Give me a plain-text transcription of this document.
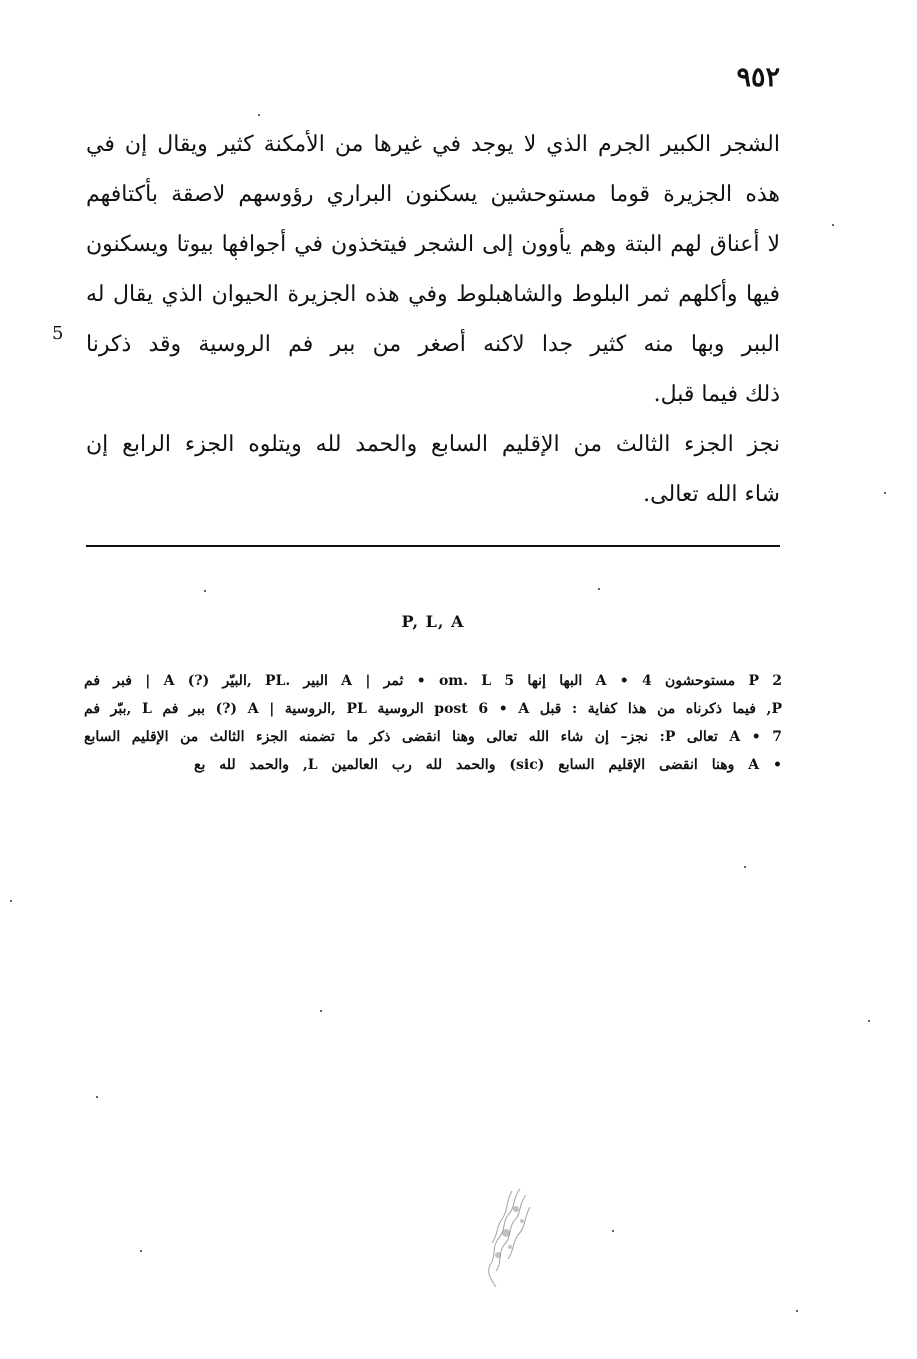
٩٥٢
الشجر الكبير الجرم الذي لا يوجد في غيرها من الأمكنة كثير ويقال إن في
هذه الجزيرة قوما مستوحشين يسكنون البراري رؤوسهم لاصقة بأكتافهم
لا أعناق لهم البتة وهم يأوون إلى الشجر فيتخذون في أجوافها بيوتا ويسكنون
فيها وأكلهم ثمر البلوط والشاهبلوط وفي هذه الجزيرة الحيوان الذي يقال له
الببر وبها منه كثير جدا لاكنه أصغر من ببر فم الروسية وقد ذكرنا
ذلك فيما قبل.
نجز الجزء الثالث من الإقليم السابع والحمد لله ويتلوه الجزء الرابع إن
شاء الله تعالى.
5
P, L, A
2 P مستوحشون 4 • A البها إنها 5 om. L • ثمر | A البير .PL ,البيّر (?) A | فبر فم
P, فيما ذكرناه من هذا كفاية : قبل post 6 • A الروسية PL ,الروسية | A (?) ببر فم L ,ببّر فم
A • 7 تعالى P: نجز– إن شاء الله تعالى وهنا انقضى ذكر ما تضمنه الجزء الثالث من الإقليم السابع
• A وهنا انقضى الإقليم السابع (sic) والحمد لله رب العالمين L, والحمد لله بع
